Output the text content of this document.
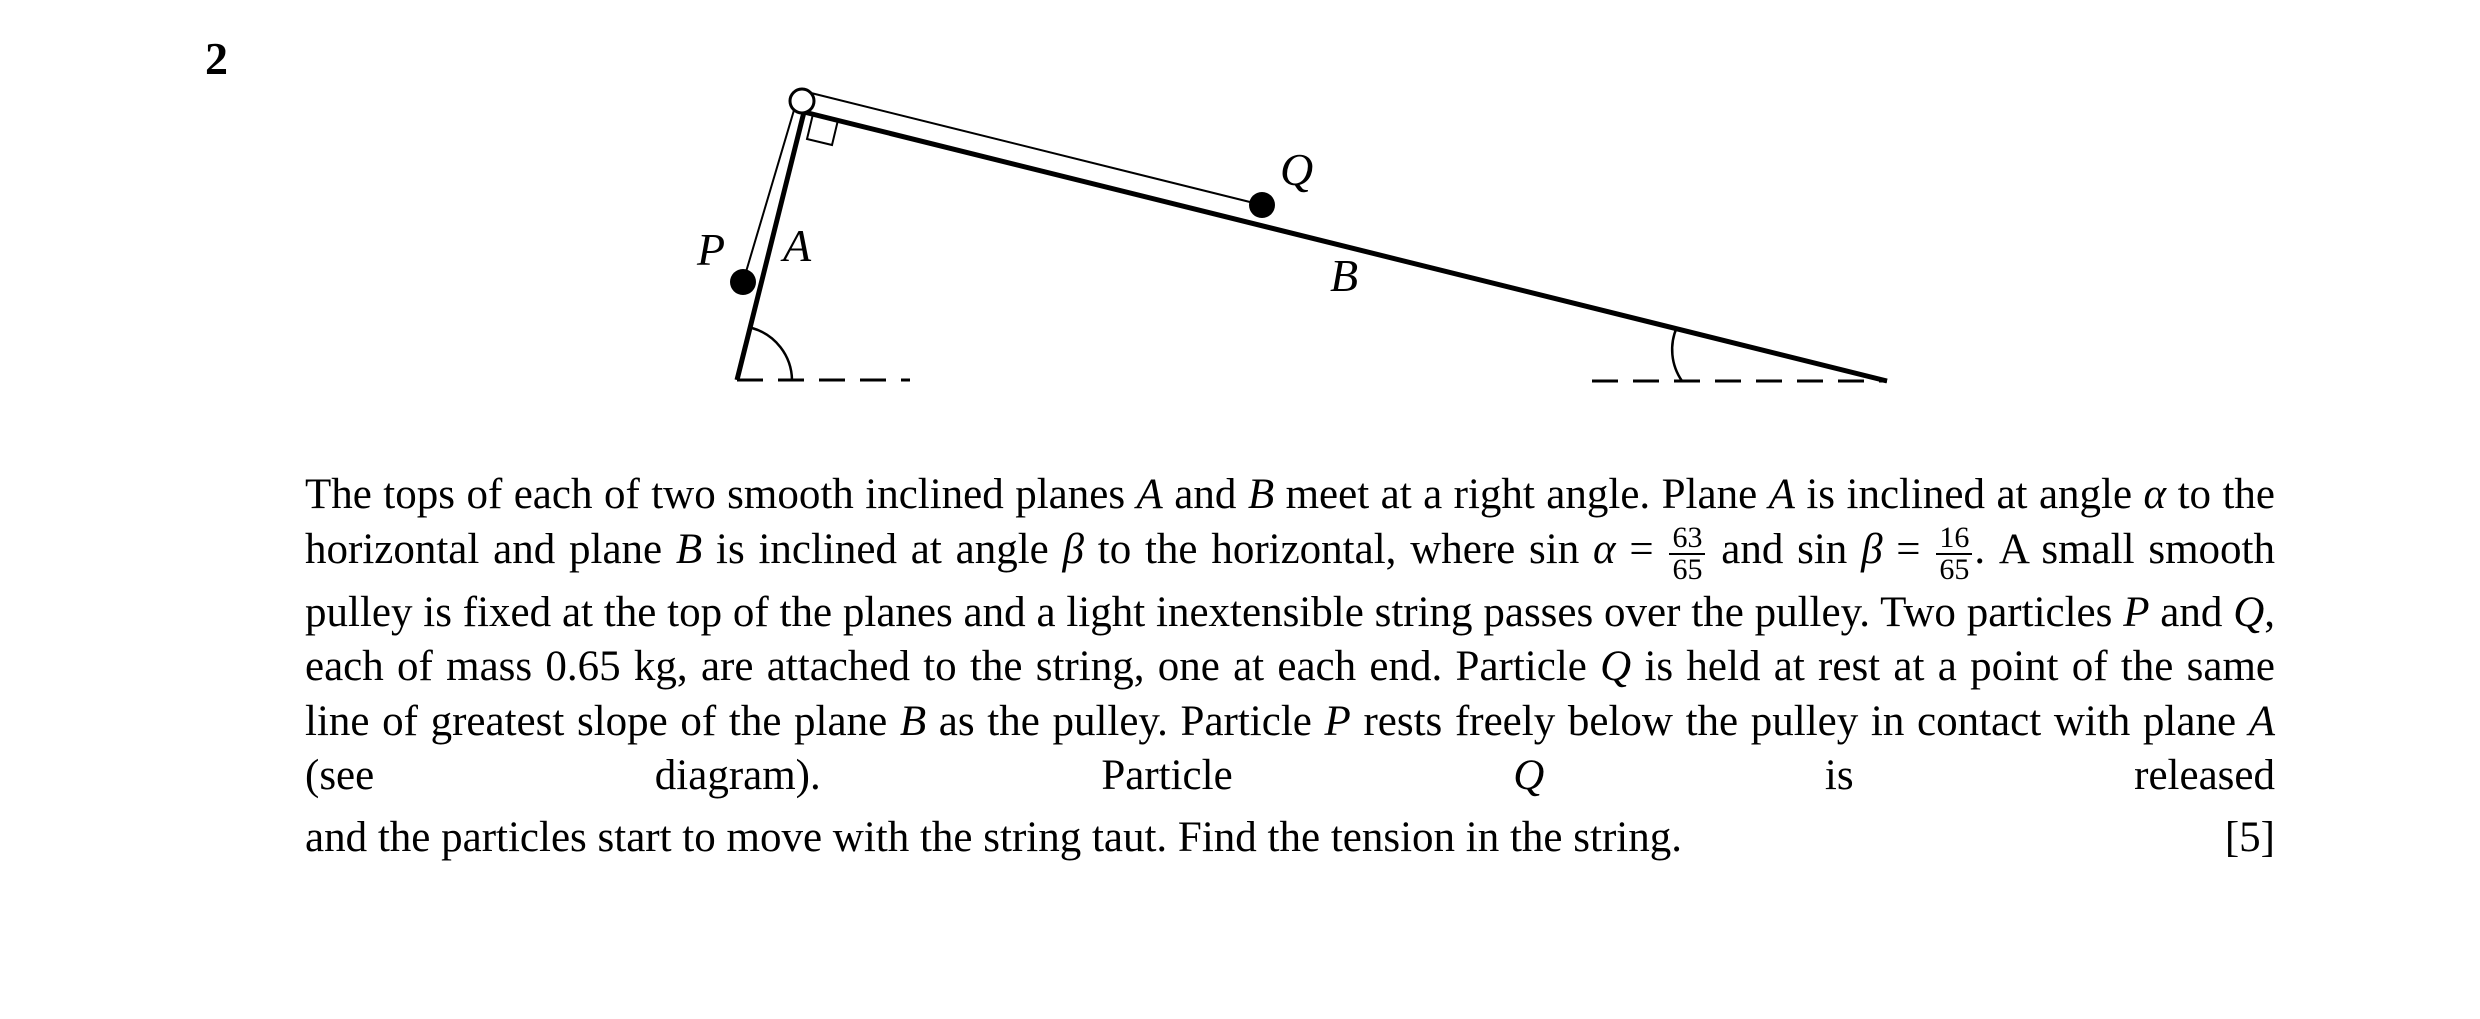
2
P A
Q
B
The tops of each of two smooth inclined planes A and B meet at a right angle. Plane A is inclined at angle α to the horizontal and plane B is inclined at angle β to the horizontal, where $\sin \alpha = \frac{63}{65}$ and $\sin \beta = \frac{16}{65}$ . A small smooth pulley is fixed at the top of the planes and a light inextensible string passes over the pulley. Two particles P and Q, each of mass 0.65 kg, are attached to the string, one at each end. Particle Q is held at rest at a point of the same line of greatest slope of the plane B as the pulley. Particle P rests freely below the pulley in contact with plane A (see diagram). Particle Q is released
and the particles start to move with the string taut. Find the tension in the string.	[5]
